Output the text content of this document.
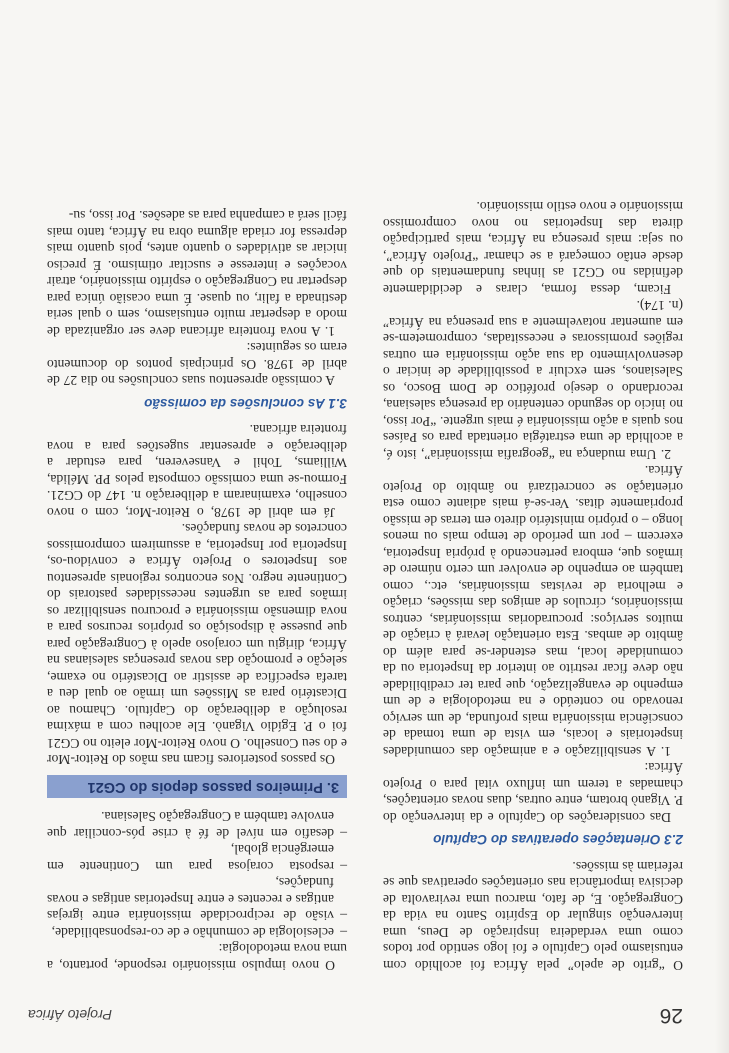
26
Projeto África

O “grito de apelo” pela África foi acolhido com entusiasmo pelo Capítulo e foi logo sentido por todos como uma verdadeira inspiração de Deus, uma intervenção singular do Espírito Santo na vida da Congregação. E, de fato, marcou uma reviravolta de decisiva importância nas orientações operativas que se referiam às missões.

2.3 Orientações operativas do Capítulo

Das considerações do Capítulo e da intervenção do P. Viganò brotam, entre outras, duas novas orientações, chamadas a terem um influxo vital para o Projeto África:

1. A sensibilização e a animação das comunidades inspetoriais e locais, em vista de uma tomada de consciência missionária mais profunda, de um serviço renovado no conteúdo e na metodologia e de um empenho de evangelização, que para ter credibilidade não deve ficar restrito ao interior da Inspetoria ou da comunidade local, mas estender-se para além do âmbito de ambas. Esta orientação levará à criação de muitos serviços: procuradorias missionárias, centros missionários, círculos de amigos das missões, criação e melhoria de revistas missionárias, etc., como também ao empenho de envolver um certo número de irmãos que, embora pertencendo à própria Inspetoria, exercem – por um período de tempo mais ou menos longo – o próprio ministério direto em terras de missão propriamente ditas. Ver-se-á mais adiante como esta orientação se concretizará no âmbito do Projeto África.

2. Uma mudança na “geografia missionária”, isto é, a acolhida de uma estratégia orientada para os Países nos quais a ação missionária é mais urgente. “Por isso, no início do segundo centenário da presença salesiana, recordando o desejo profético de Dom Bosco, os Salesianos, sem excluir a possibilidade de iniciar o desenvolvimento da sua ação missionária em outras regiões promissoras e necessitadas, comprometem-se em aumentar notavelmente a sua presença na África” (n. 174).

Ficam, dessa forma, claras e decididamente definidas no CG21 as linhas fundamentais do que desde então começará a se chamar “Projeto África”, ou seja: mais presença na África, mais participação direta das Inspetorias no novo compromisso missionário e novo estilo missionário.

O novo impulso missionário responde, portanto, a uma nova metodologia:

– eclesiologia de comunhão e de co-responsabilidade,
– visão de reciprocidade missionária entre igrejas antigas e recentes e entre Inspetorias antigas e novas fundações,
– resposta corajosa para um Continente em emergência global,
– desafio em nível de fé à crise pós-conciliar que envolve também a Congregação Salesiana.
3. Primeiros passos depois do CG21

Os passos posteriores ficam nas mãos do Reitor-Mor e do seu Conselho. O novo Reitor-Mor eleito no CG21 foi o P. Egídio Viganò. Ele acolheu com a máxima resolução a deliberação do Capítulo. Chamou ao Dicastério para as Missões um irmão ao qual deu a tarefa específica de assistir ao Dicastério no exame, seleção e promoção das novas presenças salesianas na África, dirigiu um corajoso apelo à Congregação para que pusesse à disposição os próprios recursos para a nova dimensão missionária e procurou sensibilizar os irmãos para as urgentes necessidades pastorais do Continente negro. Nos encontros regionais apresentou aos Inspetores o Projeto África e convidou-os, Inspetoria por Inspetoria, a assumirem compromissos concretos de novas fundações.

Já em abril de 1978, o Reitor-Mor, com o novo conselho, examinaram a deliberação n. 147 do CG21. Formou-se uma comissão composta pelos PP. Mélida, Williams, Tohil e Vanseveren, para estudar a deliberação e apresentar sugestões para a nova fronteira africana.

3.1 As conclusões da comissão

A comissão apresentou suas conclusões no dia 27 de abril de 1978. Os principais pontos do documento eram os seguintes:

1. A nova fronteira africana deve ser organizada de modo a despertar muito entusiasmo, sem o qual seria destinada a falir, ou quase. É uma ocasião única para despertar na Congregação o espírito missionário, atrair vocações e interesse e suscitar otimismo. É preciso iniciar as atividades o quanto antes, pois quanto mais depressa for criada alguma obra na África, tanto mais fácil será a campanha para as adesões. Por isso, su-
